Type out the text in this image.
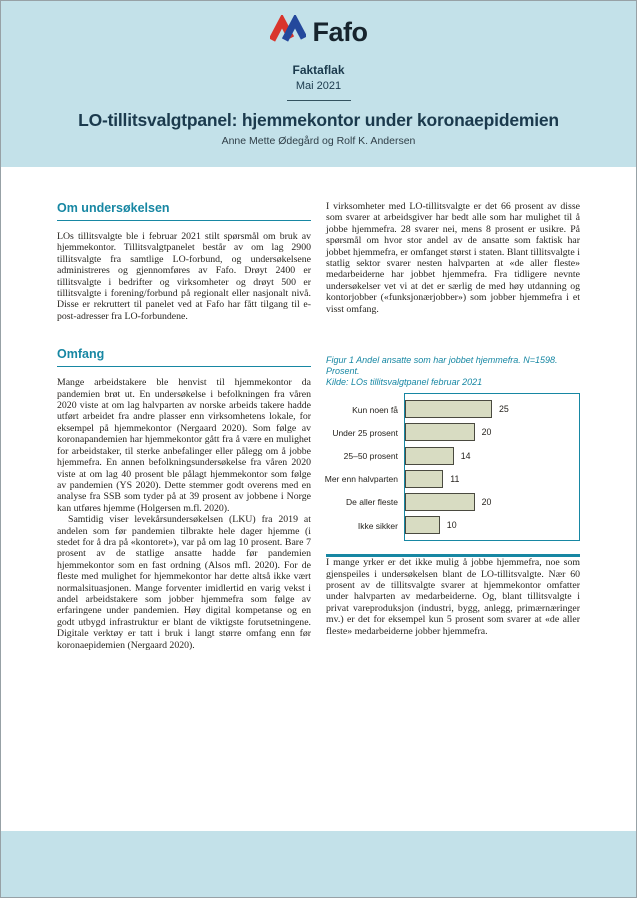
Fafo
Faktaflak
Mai 2021
LO-tillitsvalgtpanel: hjemmekontor under koronaepidemien
Anne Mette Ødegård og Rolf K. Andersen
Om undersøkelsen

LOs tillitsvalgte ble i februar 2021 stilt spørsmål om bruk av hjemmekontor. Tillitsvalgtpanelet består av om lag 2900 tillitsvalgte fra samtlige LO-forbund, og undersøkelsene administreres og gjennomføres av Fafo. Drøyt 2400 er tillitsvalgte i bedrifter og virksomheter og drøyt 500 er tillitsvalgte i forening/forbund på regionalt eller nasjonalt nivå. Disse er rekruttert til panelet ved at Fafo har fått tilgang til e-post-adresser fra LO-forbundene.

Omfang

Mange arbeidstakere ble henvist til hjemmekontor da pandemien brøt ut. En undersøkelse i befolkningen fra våren 2020 viste at om lag halvparten av norske arbeids takere hadde utført arbeidet fra andre plasser enn virksomhetens lokale, for eksempel på hjemmekontor (Nergaard 2020). Som følge av koronapandemien har hjemmekontor gått fra å være en mulighet for arbeidstaker, til sterke anbefalinger eller pålegg om å jobbe hjemmefra. En annen befolkningsundersøkelse fra våren 2020 viste at om lag 40 prosent ble pålagt hjemmekontor som følge av pandemien (YS 2020). Dette stemmer godt overens med en analyse fra SSB som tyder på at 39 prosent av jobbene i Norge kan utføres hjemme (Holgersen m.fl. 2020).

Samtidig viser levekårsundersøkelsen (LKU) fra 2019 at andelen som før pandemien tilbrakte hele dager hjemme (i stedet for å dra på «kontoret»), var på om lag 10 prosent. Bare 7 prosent av de statlige ansatte hadde før pandemien hjemmekontor som en fast ordning (Alsos mfl. 2020). For de fleste med mulighet for hjemmekontor har dette altså ikke vært normalsituasjonen. Mange forventer imidlertid en varig vekst i andel arbeidstakere som jobber hjemmefra som følge av erfaringene under pandemien. Høy digital kompetanse og en godt utbygd infrastruktur er blant de viktigste forutsetningene. Digitale verktøy er tatt i bruk i langt større omfang enn før koronaepidemien (Nergaard 2020).

I virksomheter med LO-tillitsvalgte er det 66 prosent av disse som svarer at arbeidsgiver har bedt alle som har mulighet til å jobbe hjemmefra. 28 svarer nei, mens 8 prosent er usikre. På spørsmål om hvor stor andel av de ansatte som faktisk har jobbet hjemmefra, er omfanget størst i staten. Blant tillitsvalgte i statlig sektor svarer nesten halvparten at «de aller fleste» medarbeiderne har jobbet hjemmefra. Fra tidligere nevnte undersøkelser vet vi at det er særlig de med høy utdanning og kontorjobber («funksjonærjobber») som jobber hjemmefra i et visst omfang.

Figur 1 Andel ansatte som har jobbet hjemmefra. N=1598. Prosent.
Kilde: LOs tillitsvalgtpanel februar 2021
Kun noen få
Under 25 prosent
25–50 prosent
Mer enn halvparten
De aller fleste
Ikke sikker
25
20
14
11
20
10

I mange yrker er det ikke mulig å jobbe hjemmefra, noe som gjenspeiles i undersøkelsen blant de LO-tillitsvalgte. Nær 60 prosent av de tillitsvalgte svarer at hjemmekontor omfatter under halvparten av medarbeiderne. Og, blant tillitsvalgte i privat vareproduksjon (industri, bygg, anlegg, primærnæringer mv.) er det for eksempel kun 5 prosent som svarer at «de aller fleste» medarbeiderne jobber hjemmefra.
